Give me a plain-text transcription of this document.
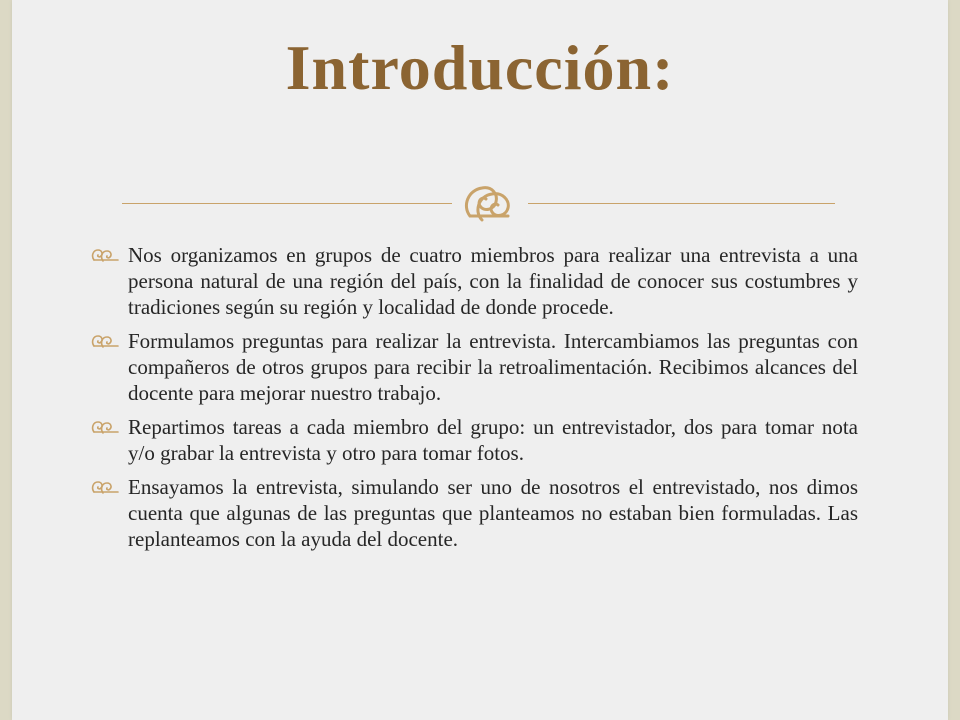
Introducción:
Nos organizamos en grupos de cuatro miembros para realizar una entrevista a una persona natural de una región del país, con la finalidad de conocer sus costumbres y tradiciones según su región y localidad de donde procede.
Formulamos preguntas para realizar la entrevista. Intercambiamos las preguntas con compañeros de otros grupos para recibir la retroalimentación. Recibimos alcances del docente para mejorar nuestro trabajo.
Repartimos tareas a cada miembro del grupo: un entrevistador, dos para tomar nota y/o grabar la entrevista y otro para tomar fotos.
Ensayamos la entrevista, simulando ser uno de nosotros el entrevistado, nos dimos cuenta que algunas de las preguntas que planteamos no estaban bien formuladas. Las replanteamos con la ayuda del docente.
